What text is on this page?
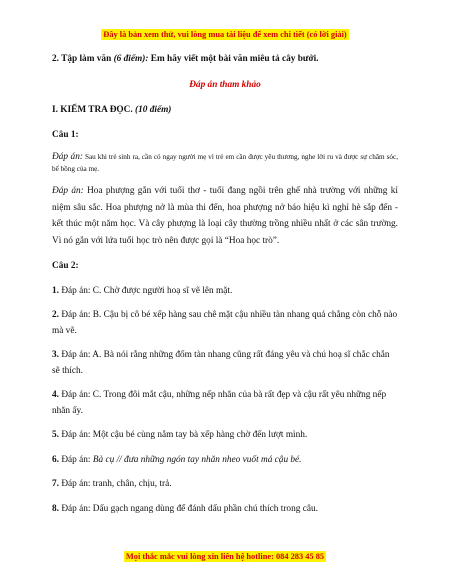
Đây là bản xem thử, vui lòng mua tài liệu để xem chi tiết (có lời giải)

2. Tập làm văn (6 điểm): Em hãy viết một bài văn miêu tả cây bưởi.

Đáp án tham khảo

I. KIỂM TRA ĐỌC. (10 điểm)

Câu 1:

Đáp án: Sau khi trẻ sinh ra, cần có ngay người mẹ vì trẻ em cần được yêu thương, nghe lời ru và được sự chăm sóc, bế bồng của mẹ.

Đáp án: Hoa phượng gắn với tuổi thơ - tuổi đang ngồi trên ghế nhà trường với những kỉ niệm sâu sắc. Hoa phượng nở là mùa thi đến, hoa phượng nở báo hiệu kì nghỉ hè sắp đến - kết thúc một năm học. Và cây phượng là loại cây thường trồng nhiều nhất ở các sân trường. Vì nó gắn với lứa tuổi học trò nên được gọi là “Hoa học trò”.

Câu 2:

1. Đáp án: C. Chờ được người hoạ sĩ vẽ lên mặt.

2. Đáp án: B. Cậu bị cô bé xếp hàng sau chê mặt cậu nhiều tàn nhang quá chẳng còn chỗ nào mà vẽ.

3. Đáp án: A. Bà nói rằng những đốm tàn nhang cũng rất đáng yêu và chú hoạ sĩ chắc chắn sẽ thích.

4. Đáp án: C. Trong đôi mắt cậu, những nếp nhăn của bà rất đẹp và cậu rất yêu những nếp nhăn ấy.

5. Đáp án: Một cậu bé cùng nắm tay bà xếp hàng chờ đến lượt mình.

6. Đáp án: Bà cụ // đưa những ngón tay nhăn nheo vuốt má cậu bé.

7. Đáp án: tranh, chân, chịu, trả.

8. Đáp án: Dấu gạch ngang dùng để đánh dấu phần chú thích trong câu.

Mọi thắc mắc vui lòng xin liên hệ hotline: 084 283 45 85
